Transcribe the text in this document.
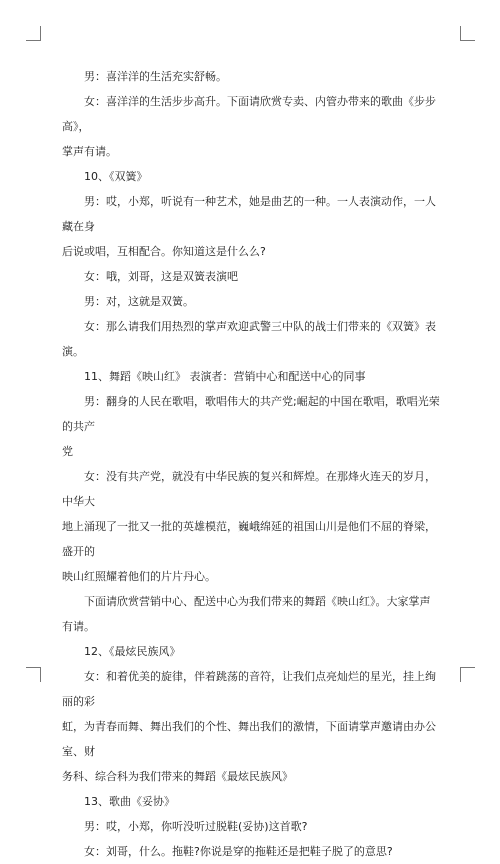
男：喜洋洋的生活充实舒畅。

女：喜洋洋的生活步步高升。下面请欣赏专卖、内管办带来的歌曲《步步高》，

掌声有请。

10、《双簧》

男：哎，小郑，听说有一种艺术，她是曲艺的一种。一人表演动作，一人藏在身

后说或唱，互相配合。你知道这是什么么?

女：哦，刘哥，这是双簧表演吧

男：对，这就是双簧。

女：那么请我们用热烈的掌声欢迎武警三中队的战士们带来的《双簧》表演。

11、舞蹈《映山红》 表演者：营销中心和配送中心的同事

男：翻身的人民在歌唱，歌唱伟大的共产党;崛起的中国在歌唱，歌唱光荣的共产

党

女：没有共产党，就没有中华民族的复兴和辉煌。在那烽火连天的岁月，中华大

地上涌现了一批又一批的英雄模范，巍峨绵延的祖国山川是他们不屈的脊梁，盛开的

映山红照耀着他们的片片丹心。

下面请欣赏营销中心、配送中心为我们带来的舞蹈《映山红》。大家掌声有请。

12、《最炫民族风》

女：和着优美的旋律，伴着跳荡的音符，让我们点亮灿烂的星光，挂上绚丽的彩

虹，为青春而舞、舞出我们的个性、舞出我们的激情，下面请掌声邀请由办公室、财

务科、综合科为我们带来的舞蹈《最炫民族风》

13、歌曲《妥协》

男：哎，小郑，你听没听过脱鞋(妥协)这首歌?

女：刘哥，什么。拖鞋?你说是穿的拖鞋还是把鞋子脱了的意思?
